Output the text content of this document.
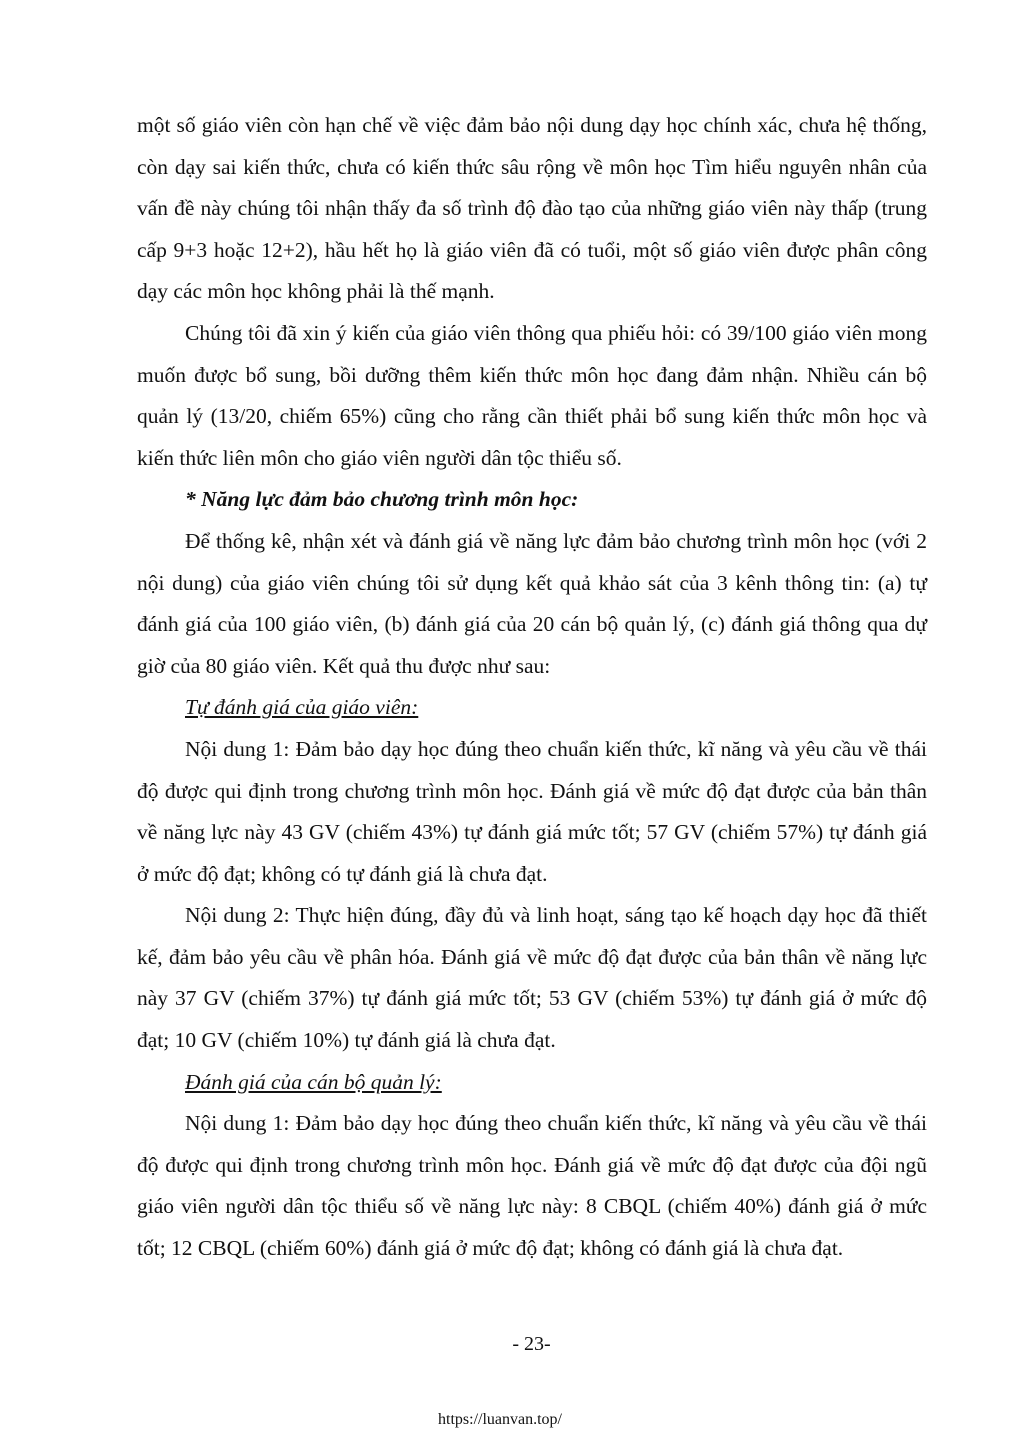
một số giáo viên còn hạn chế về việc đảm bảo nội dung dạy học chính xác, chưa hệ thống, còn dạy sai kiến thức, chưa có kiến thức sâu rộng về môn học Tìm hiểu nguyên nhân của vấn đề này chúng tôi nhận thấy đa số trình độ đào tạo của những giáo viên này thấp (trung cấp 9+3 hoặc 12+2), hầu hết họ là giáo viên đã có tuổi, một số giáo viên được phân công dạy các môn học không phải là thế mạnh.

Chúng tôi đã xin ý kiến của giáo viên thông qua phiếu hỏi: có 39/100 giáo viên mong muốn được bổ sung, bồi dưỡng thêm kiến thức môn học đang đảm nhận. Nhiều cán bộ quản lý (13/20, chiếm 65%) cũng cho rằng cần thiết phải bổ sung kiến thức môn học và kiến thức liên môn cho giáo viên người dân tộc thiểu số.

* Năng lực đảm bảo chương trình môn học:

Để thống kê, nhận xét và đánh giá về năng lực đảm bảo chương trình môn học (với 2 nội dung) của giáo viên chúng tôi sử dụng kết quả khảo sát của 3 kênh thông tin: (a) tự đánh giá của 100 giáo viên, (b) đánh giá của 20 cán bộ quản lý, (c) đánh giá thông qua dự giờ của 80 giáo viên. Kết quả thu được như sau:

Tự đánh giá của giáo viên:

Nội dung 1: Đảm bảo dạy học đúng theo chuẩn kiến thức, kĩ năng và yêu cầu về thái độ được qui định trong chương trình môn học. Đánh giá về mức độ đạt được của bản thân về năng lực này 43 GV (chiếm 43%) tự đánh giá mức tốt; 57 GV (chiếm 57%) tự đánh giá ở mức độ đạt; không có tự đánh giá là chưa đạt.

Nội dung 2: Thực hiện đúng, đầy đủ và linh hoạt, sáng tạo kế hoạch dạy học đã thiết kế, đảm bảo yêu cầu về phân hóa. Đánh giá về mức độ đạt được của bản thân về năng lực này 37 GV (chiếm 37%) tự đánh giá mức tốt; 53 GV (chiếm 53%) tự đánh giá ở mức độ đạt; 10 GV (chiếm 10%) tự đánh giá là chưa đạt.

Đánh giá của cán bộ quản lý:

Nội dung 1: Đảm bảo dạy học đúng theo chuẩn kiến thức, kĩ năng và yêu cầu về thái độ được qui định trong chương trình môn học. Đánh giá về mức độ đạt được của đội ngũ giáo viên người dân tộc thiểu số về năng lực này: 8 CBQL (chiếm 40%) đánh giá ở mức tốt; 12 CBQL (chiếm 60%) đánh giá ở mức độ đạt; không có đánh giá là chưa đạt.

- 23-
https://luanvan.top/
